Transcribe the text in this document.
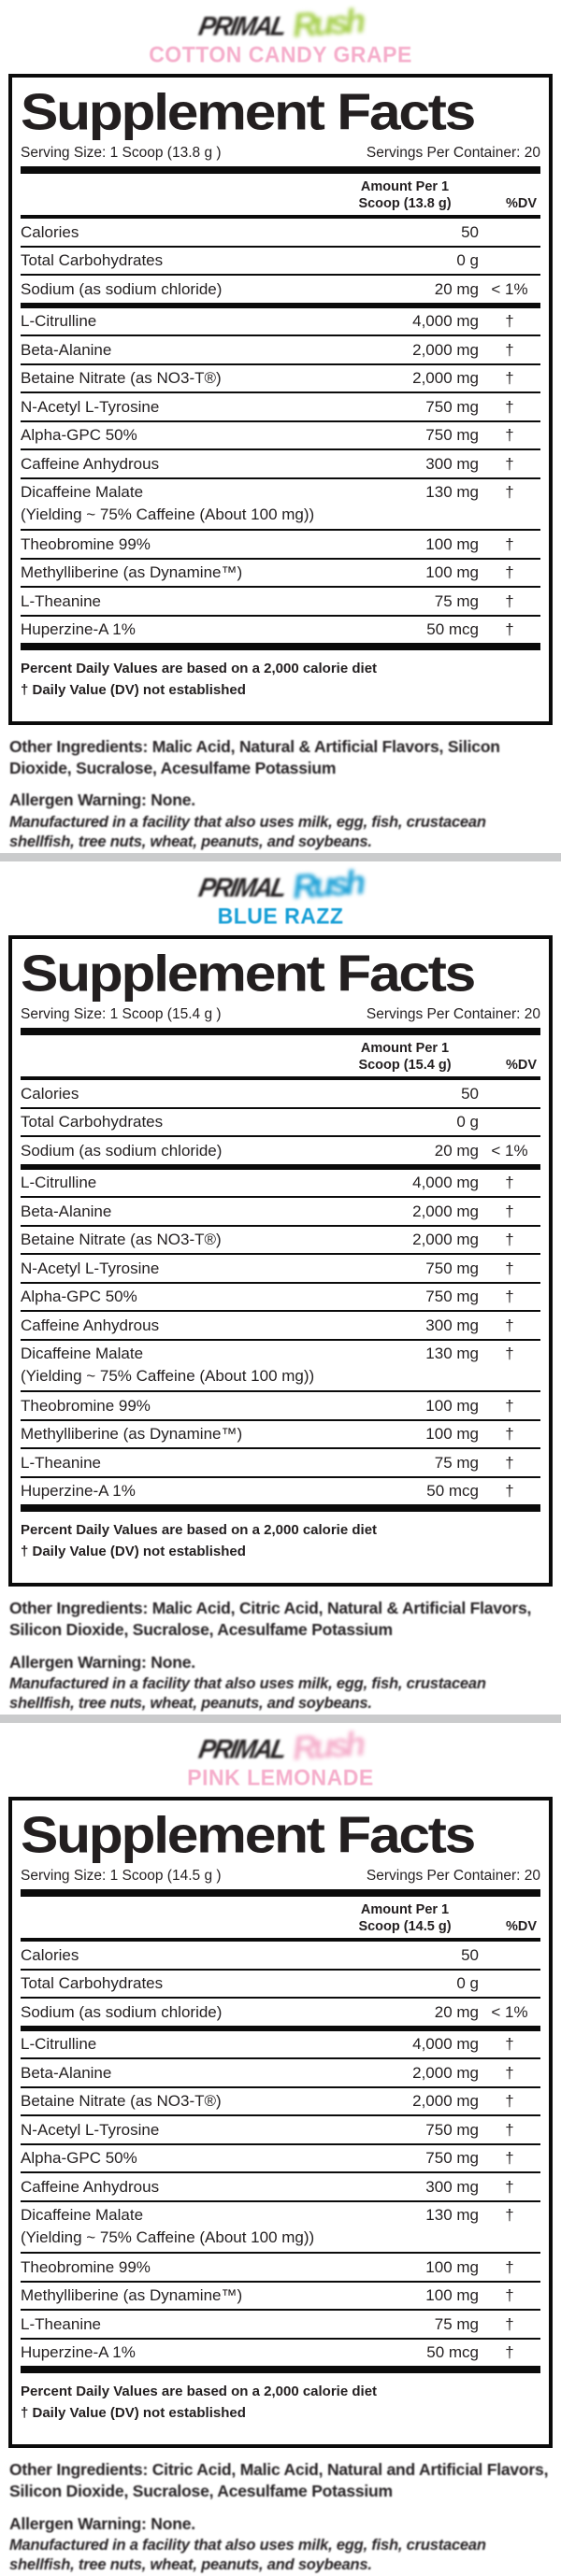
PRIMAL Rush
COTTON CANDY GRAPE
Supplement Facts
Serving Size: 1 Scoop (13.8 g )	Servings Per Container: 20
Amount Per 1
Scoop (13.8 g)	%DV
Calories	50
Total Carbohydrates	0 g
Sodium (as sodium chloride)	20 mg < 1%
L-Citrulline	4,000 mg	†
Beta-Alanine	2,000 mg	†
Betaine Nitrate (as NO3-T®)	2,000 mg	†
N-Acetyl L-Tyrosine	750 mg	†
Alpha-GPC 50%	750 mg	†
Caffeine Anhydrous	300 mg	†
Dicaffeine Malate	130 mg	†
(Yielding ~ 75% Caffeine (About 100 mg))
Theobromine 99%	100 mg	†
Methylliberine (as Dynamine™)	100 mg	†
L-Theanine	75 mg	†
Huperzine-A 1%	50 mcg	†
Percent Daily Values are based on a 2,000 calorie diet
† Daily Value (DV) not established
Other Ingredients: Malic Acid, Natural & Artificial Flavors, Silicon Dioxide, Sucralose, Acesulfame Potassium
Allergen Warning: None.
Manufactured in a facility that also uses milk, egg, fish, crustacean shellfish, tree nuts, wheat, peanuts, and soybeans.
PRIMAL Rush
BLUE RAZZ
Supplement Facts
Serving Size: 1 Scoop (15.4 g )	Servings Per Container: 20
Amount Per 1
Scoop (15.4 g)	%DV
Calories	50
Total Carbohydrates	0 g
Sodium (as sodium chloride)	20 mg < 1%
L-Citrulline	4,000 mg	†
Beta-Alanine	2,000 mg	†
Betaine Nitrate (as NO3-T®)	2,000 mg	†
N-Acetyl L-Tyrosine	750 mg	†
Alpha-GPC 50%	750 mg	†
Caffeine Anhydrous	300 mg	†
Dicaffeine Malate	130 mg	†
(Yielding ~ 75% Caffeine (About 100 mg))
Theobromine 99%	100 mg	†
Methylliberine (as Dynamine™)	100 mg	†
L-Theanine	75 mg	†
Huperzine-A 1%	50 mcg	†
Percent Daily Values are based on a 2,000 calorie diet
† Daily Value (DV) not established
Other Ingredients: Malic Acid, Citric Acid, Natural & Artificial Flavors, Silicon Dioxide, Sucralose, Acesulfame Potassium
Allergen Warning: None.
Manufactured in a facility that also uses milk, egg, fish, crustacean shellfish, tree nuts, wheat, peanuts, and soybeans.
PRIMAL Rush
PINK LEMONADE
Supplement Facts
Serving Size: 1 Scoop (14.5 g )	Servings Per Container: 20
Amount Per 1
Scoop (14.5 g)	%DV
Calories	50
Total Carbohydrates	0 g
Sodium (as sodium chloride)	20 mg < 1%
L-Citrulline	4,000 mg	†
Beta-Alanine	2,000 mg	†
Betaine Nitrate (as NO3-T®)	2,000 mg	†
N-Acetyl L-Tyrosine	750 mg	†
Alpha-GPC 50%	750 mg	†
Caffeine Anhydrous	300 mg	†
Dicaffeine Malate	130 mg	†
(Yielding ~ 75% Caffeine (About 100 mg))
Theobromine 99%	100 mg	†
Methylliberine (as Dynamine™)	100 mg	†
L-Theanine	75 mg	†
Huperzine-A 1%	50 mcg	†
Percent Daily Values are based on a 2,000 calorie diet
† Daily Value (DV) not established
Other Ingredients: Citric Acid, Malic Acid, Natural and Artificial Flavors, Silicon Dioxide, Sucralose, Acesulfame Potassium
Allergen Warning: None.
Manufactured in a facility that also uses milk, egg, fish, crustacean shellfish, tree nuts, wheat, peanuts, and soybeans.
